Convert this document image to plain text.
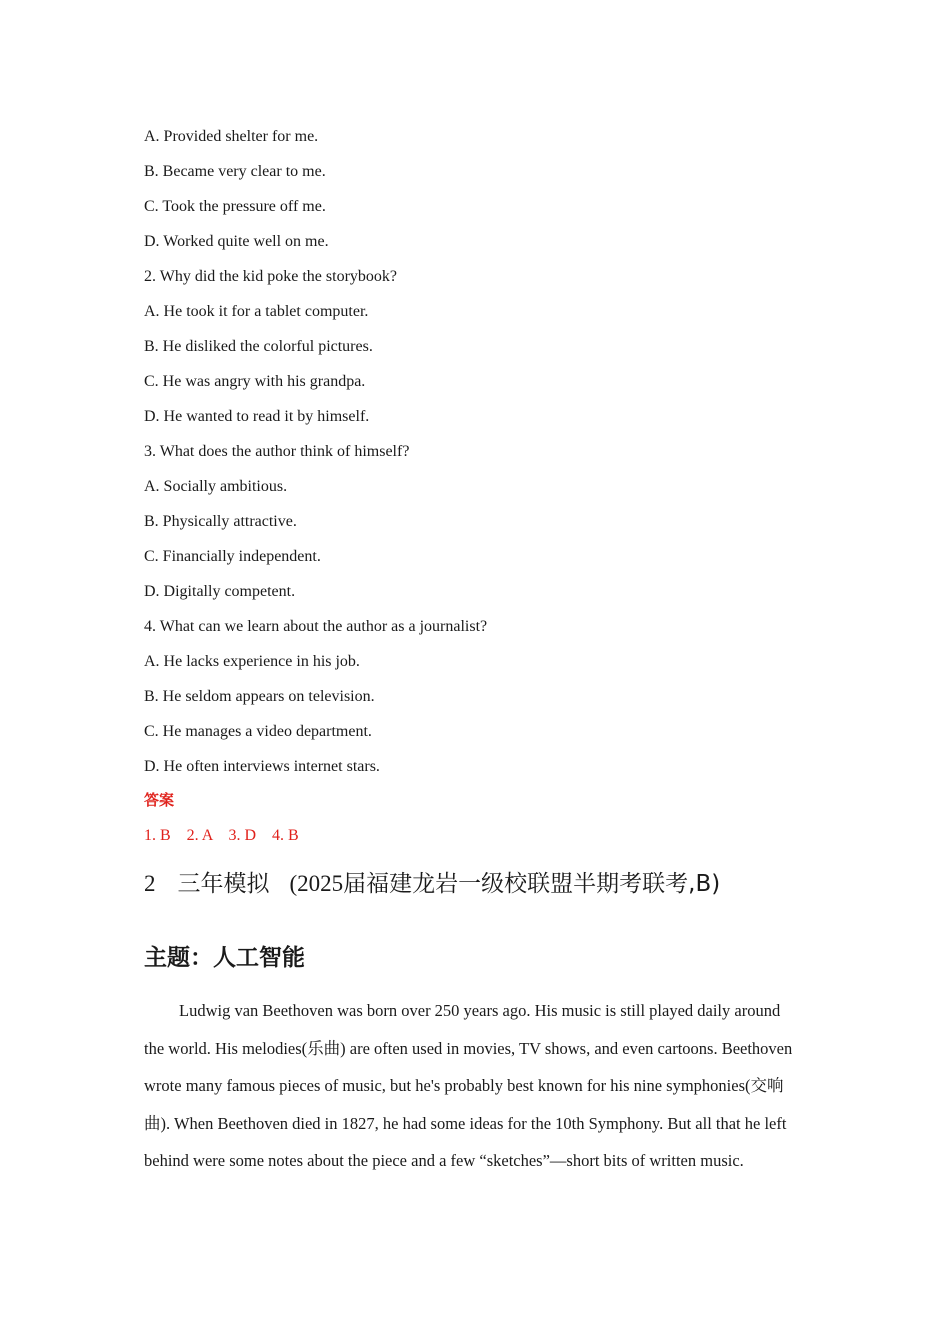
A. Provided shelter for me.
B. Became very clear to me.
C. Took the pressure off me.
D. Worked quite well on me.
2. Why did the kid poke the storybook?
A. He took it for a tablet computer.
B. He disliked the colorful pictures.
C. He was angry with his grandpa.
D. He wanted to read it by himself.
3. What does the author think of himself?
A. Socially ambitious.
B. Physically attractive.
C. Financially independent.
D. Digitally competent.
4. What can we learn about the author as a journalist?
A. He lacks experience in his job.
B. He seldom appears on television.
C. He manages a video department.
D. He often interviews internet stars.
答案
1. B　2. A　3. D　4. B
2 三年模拟 (2025届福建龙岩一级校联盟半期考联考,B)
主题：人工智能

Ludwig van Beethoven was born over 250 years ago. His music is still played daily around the world. His melodies(乐曲) are often used in movies, TV shows, and even cartoons. Beethoven wrote many famous pieces of music, but he's probably best known for his nine symphonies(交响曲). When Beethoven died in 1827, he had some ideas for the 10th Symphony. But all that he left behind were some notes about the piece and a few “sketches”—short bits of written music.
